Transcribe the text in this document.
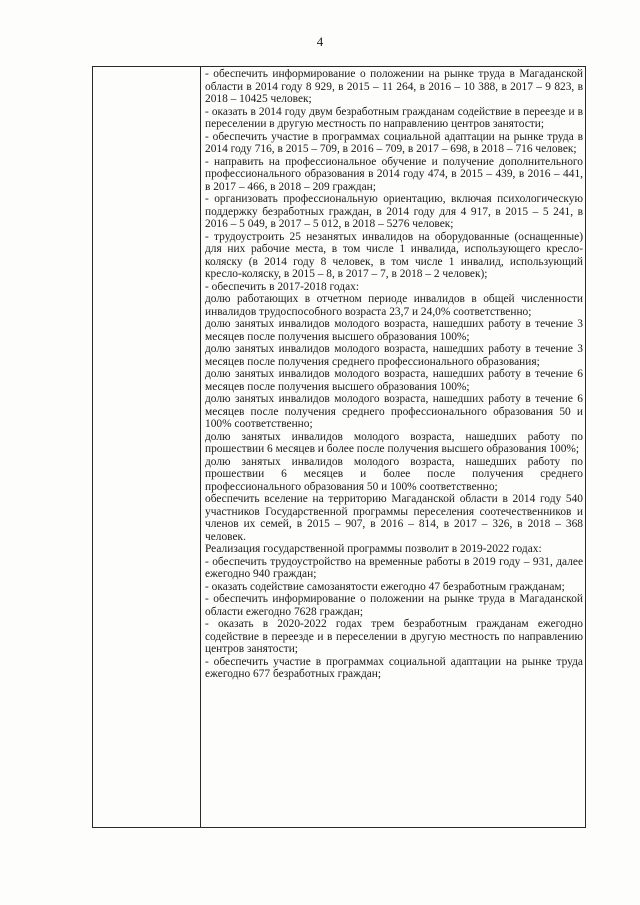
4

- обеспечить информирование о положении на рынке труда в Магаданской области в 2014 году 8 929, в 2015 – 11 264, в 2016 – 10 388, в 2017 – 9 823, в 2018 – 10425 человек;

- оказать в 2014 году двум безработным гражданам содействие в переезде и в переселении в другую местность по направлению центров занятости;

- обеспечить участие в программах социальной адаптации на рынке труда в 2014 году 716, в 2015 – 709, в 2016 – 709, в 2017 – 698, в 2018 – 716 человек;

- направить на профессиональное обучение и получение дополнительного профессионального образования в 2014 году 474, в 2015 – 439, в 2016 – 441, в 2017 – 466, в 2018 – 209 граждан;

- организовать профессиональную ориентацию, включая психологическую поддержку безработных граждан, в 2014 году для 4 917, в 2015 – 5 241, в 2016 – 5 049, в 2017 – 5 012, в 2018 – 5276 человек;

- трудоустроить 25 незанятых инвалидов на оборудованные (оснащенные) для них рабочие места, в том числе 1 инвалида, использующего кресло-коляску (в 2014 году 8 человек, в том числе 1 инвалид, использующий кресло-коляску, в 2015 – 8, в 2017 – 7, в 2018 – 2 человек);

- обеспечить в 2017-2018 годах:

долю работающих в отчетном периоде инвалидов в общей численности инвалидов трудоспособного возраста 23,7 и 24,0% соответственно;

долю занятых инвалидов молодого возраста, нашедших работу в течение 3 месяцев после получения высшего образования 100%;

долю занятых инвалидов молодого возраста, нашедших работу в течение 3 месяцев после получения среднего профессионального образования;

долю занятых инвалидов молодого возраста, нашедших работу в течение 6 месяцев после получения высшего образования 100%;

долю занятых инвалидов молодого возраста, нашедших работу в течение 6 месяцев после получения среднего профессионального образования 50 и 100% соответственно;

долю занятых инвалидов молодого возраста, нашедших работу по прошествии 6 месяцев и более после получения высшего образования 100%;

долю занятых инвалидов молодого возраста, нашедших работу по прошествии 6 месяцев и более после получения среднего профессионального образования 50 и 100% соответственно;

обеспечить вселение на территорию Магаданской области в 2014 году 540 участников Государственной программы переселения соотечественников и членов их семей, в 2015 – 907, в 2016 – 814, в 2017 – 326, в 2018 – 368 человек.

Реализация государственной программы позволит в 2019-2022 годах:

- обеспечить трудоустройство на временные работы в 2019 году – 931, далее ежегодно 940 граждан;

- оказать содействие самозанятости ежегодно 47 безработным гражданам;

- обеспечить информирование о положении на рынке труда в Магаданской области ежегодно 7628 граждан;

- оказать в 2020-2022 годах трем безработным гражданам ежегодно содействие в переезде и в переселении в другую местность по направлению центров занятости;

- обеспечить участие в программах социальной адаптации на рынке труда ежегодно 677 безработных граждан;
